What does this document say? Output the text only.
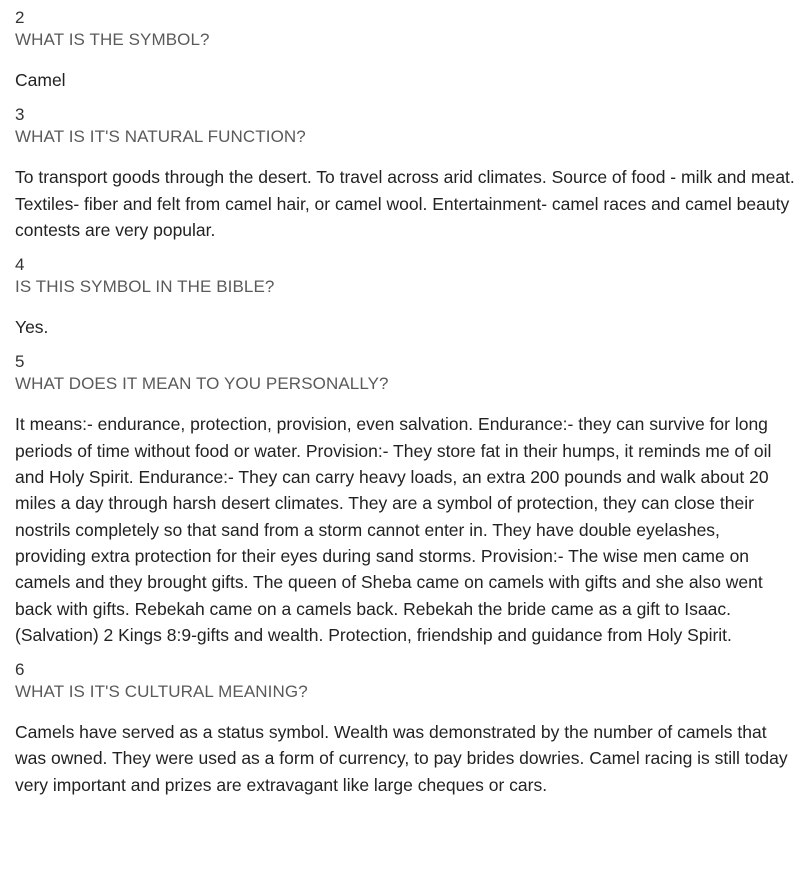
2

WHAT IS THE SYMBOL?

Camel

3

WHAT IS IT'S NATURAL FUNCTION?

To transport goods through the desert. To travel across arid climates. Source of food - milk and meat. Textiles- fiber and felt from camel hair, or camel wool. Entertainment- camel races and camel beauty contests are very popular.

4

IS THIS SYMBOL IN THE BIBLE?

Yes.

5

WHAT DOES IT MEAN TO YOU PERSONALLY?

It means:- endurance, protection, provision, even salvation. Endurance:- they can survive for long periods of time without food or water. Provision:- They store fat in their humps, it reminds me of oil and Holy Spirit. Endurance:- They can carry heavy loads, an extra 200 pounds and walk about 20 miles a day through harsh desert climates. They are a symbol of protection, they can close their nostrils completely so that sand from a storm cannot enter in. They have double eyelashes, providing extra protection for their eyes during sand storms. Provision:- The wise men came on camels and they brought gifts. The queen of Sheba came on camels with gifts and she also went back with gifts. Rebekah came on a camels back. Rebekah the bride came as a gift to Isaac. (Salvation) 2 Kings 8:9-gifts and wealth. Protection, friendship and guidance from Holy Spirit.

6

WHAT IS IT'S CULTURAL MEANING?

Camels have served as a status symbol. Wealth was demonstrated by the number of camels that was owned. They were used as a form of currency, to pay brides dowries. Camel racing is still today very important and prizes are extravagant like large cheques or cars.
